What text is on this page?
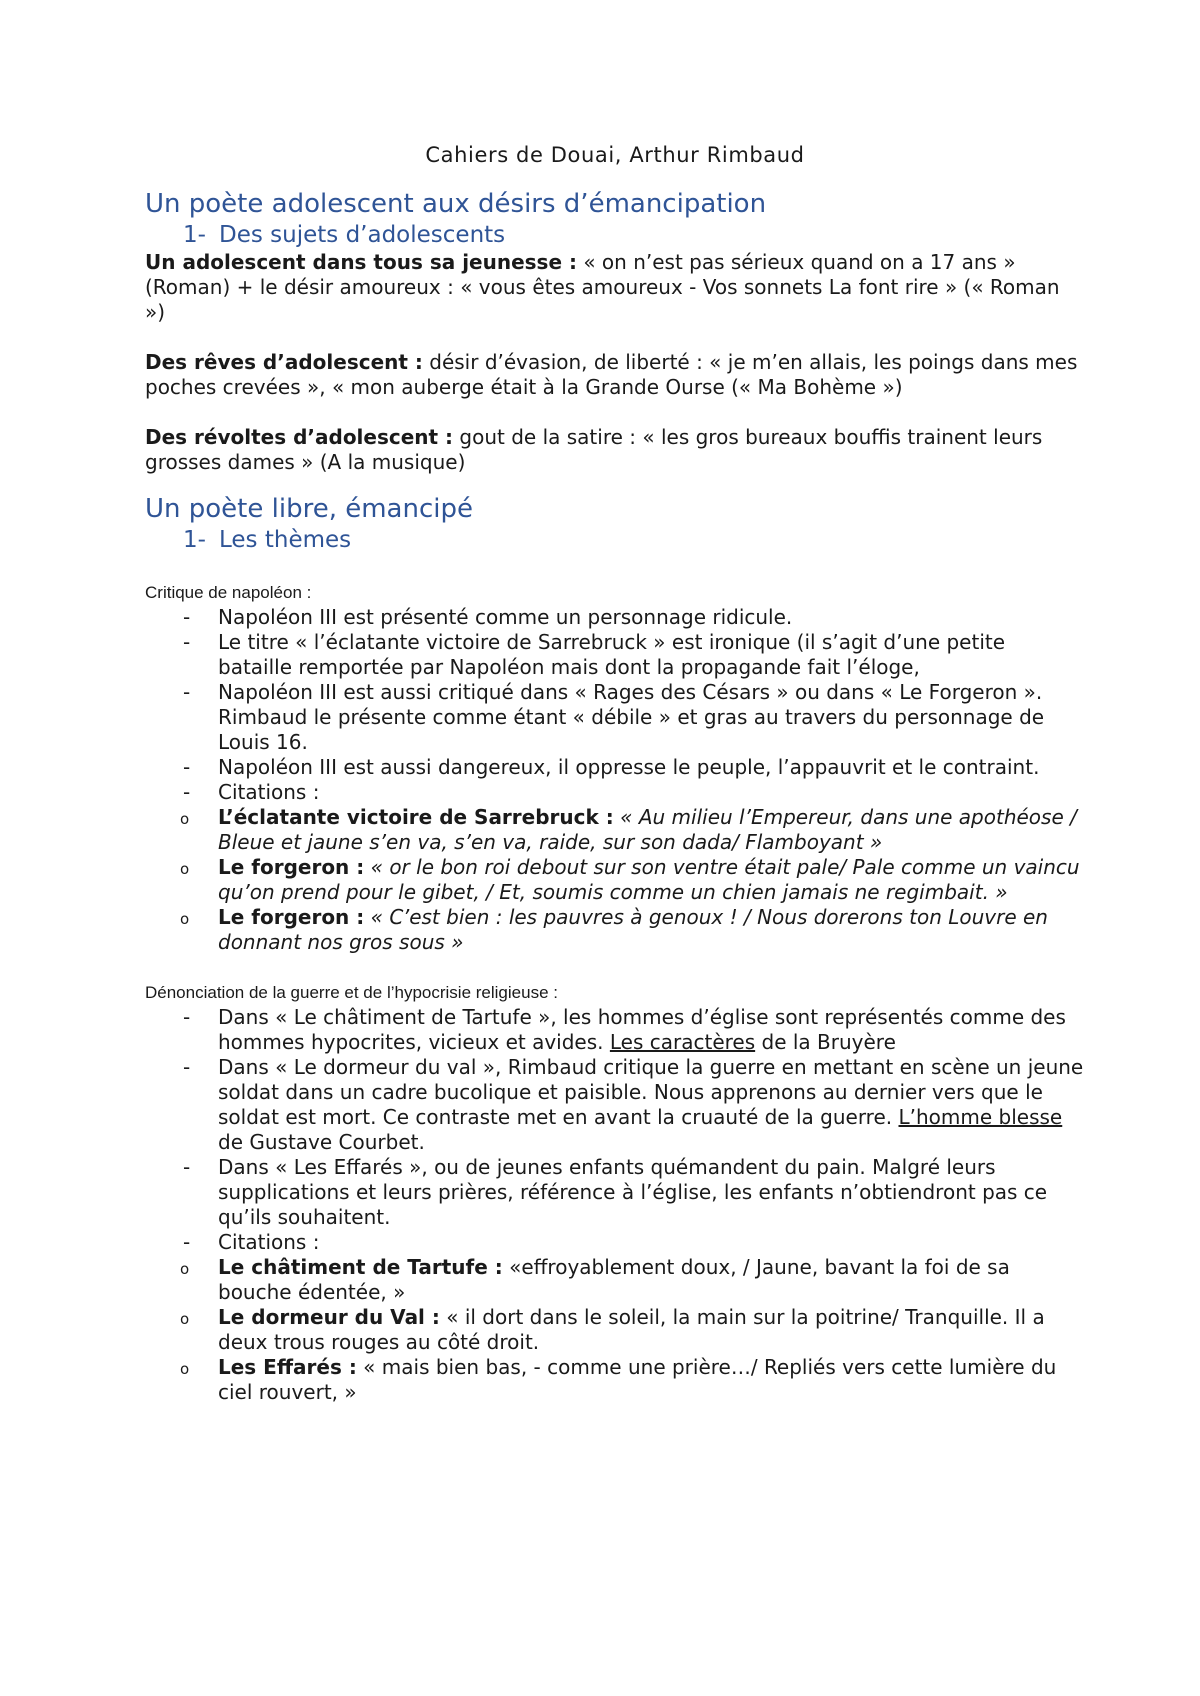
Cahiers de Douai, Arthur Rimbaud
Un poète adolescent aux désirs d’émancipation
1- Des sujets d’adolescents

Un adolescent dans tous sa jeunesse : « on n’est pas sérieux quand on a 17 ans » (Roman) + le désir amoureux : « vous êtes amoureux - Vos sonnets La font rire » (« Roman »)

Des rêves d’adolescent : désir d’évasion, de liberté : « je m’en allais, les poings dans mes poches crevées », « mon auberge était à la Grande Ourse (« Ma Bohème »)

Des révoltes d’adolescent : gout de la satire : « les gros bureaux bouffis trainent leurs grosses dames » (A la musique)

Un poète libre, émancipé
1- Les thèmes
Critique de napoléon :
- Napoléon III est présenté comme un personnage ridicule.
- Le titre « l’éclatante victoire de Sarrebruck » est ironique (il s’agit d’une petite bataille remportée par Napoléon mais dont la propagande fait l’éloge,
- Napoléon III est aussi critiqué dans « Rages des Césars » ou dans « Le Forgeron ». Rimbaud le présente comme étant « débile » et gras au travers du personnage de Louis 16.
- Napoléon III est aussi dangereux, il oppresse le peuple, l’appauvrit et le contraint.
- Citations :
o L’éclatante victoire de Sarrebruck : « Au milieu l’Empereur, dans une apothéose / Bleue et jaune s’en va, s’en va, raide, sur son dada/ Flamboyant »
o Le forgeron : « or le bon roi debout sur son ventre était pale/ Pale comme un vaincu qu’on prend pour le gibet, / Et, soumis comme un chien jamais ne regimbait. »
o Le forgeron : « C’est bien : les pauvres à genoux ! / Nous dorerons ton Louvre en donnant nos gros sous »
Dénonciation de la guerre et de l’hypocrisie religieuse :
- Dans « Le châtiment de Tartufe », les hommes d’église sont représentés comme des hommes hypocrites, vicieux et avides. Les caractères de la Bruyère
- Dans « Le dormeur du val », Rimbaud critique la guerre en mettant en scène un jeune soldat dans un cadre bucolique et paisible. Nous apprenons au dernier vers que le soldat est mort. Ce contraste met en avant la cruauté de la guerre. L’homme blesse de Gustave Courbet.
- Dans « Les Effarés », ou de jeunes enfants quémandent du pain. Malgré leurs supplications et leurs prières, référence à l’église, les enfants n’obtiendront pas ce qu’ils souhaitent.
- Citations :
o Le châtiment de Tartufe : «effroyablement doux, / Jaune, bavant la foi de sa bouche édentée, »
o Le dormeur du Val : « il dort dans le soleil, la main sur la poitrine/ Tranquille. Il a deux trous rouges au côté droit.
o Les Effarés : « mais bien bas, - comme une prière…/ Repliés vers cette lumière du ciel rouvert, »
